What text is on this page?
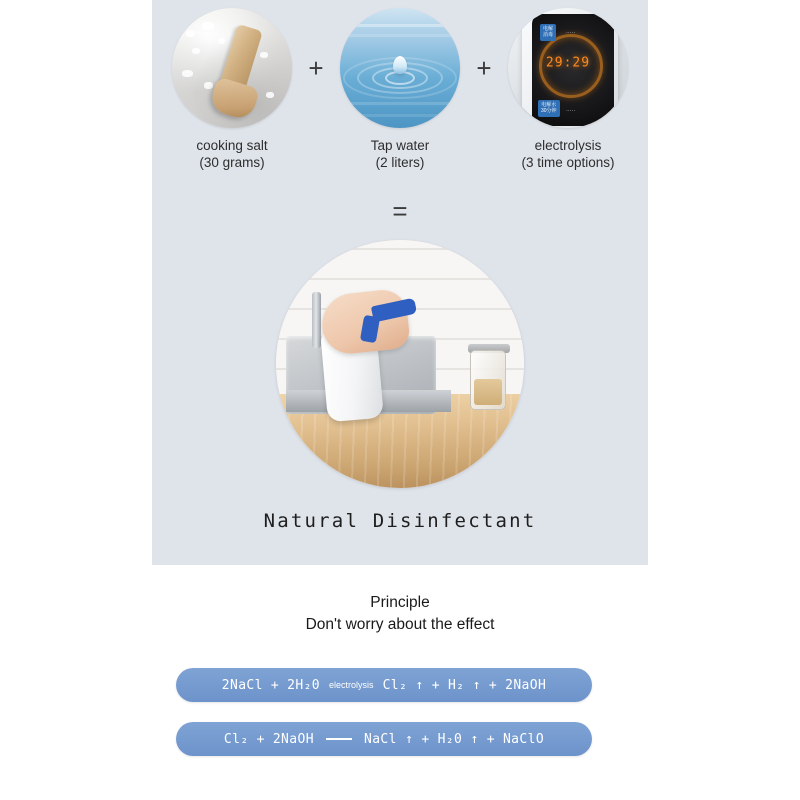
cooking salt
(30 grams)
+
Tap water
(2 liters)
+	29:29
电解
消毒
电解水
30分钟
·····
·····
electrolysis
(3 time options)
=
Natural Disinfectant
Principle
Don't worry about the effect
2NaCl + 2H₂0 electrolysis Cl₂ ↑ + H₂ ↑ + 2NaOH
Cl₂ + 2NaOH	NaCl ↑ + H₂0 ↑ + NaClO
